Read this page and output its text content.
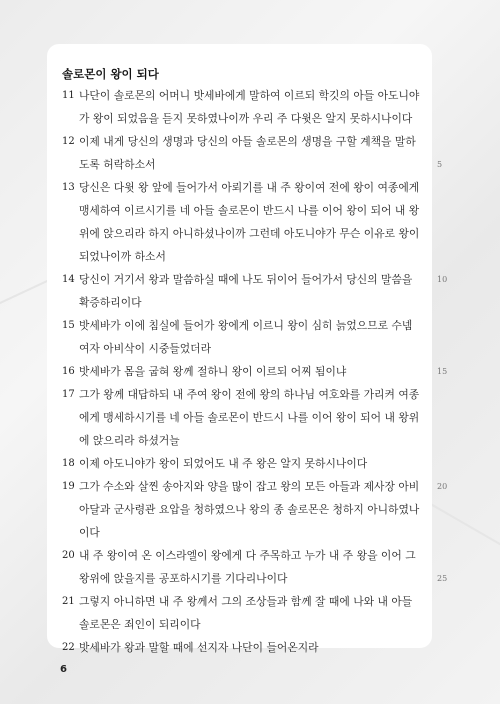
솔로몬이 왕이 되다
11 나단이 솔로몬의 어머니 밧세바에게 말하여 이르되 학깃의 아들 아도니야가 왕이 되었음을 듣지 못하였나이까 우리 주 다윗은 알지 못하시나이다
12 이제 내게 당신의 생명과 당신의 아들 솔로몬의 생명을 구할 계책을 말하도록 허락하소서
13 당신은 다윗 왕 앞에 들어가서 아뢰기를 내 주 왕이여 전에 왕이 여종에게 맹세하여 이르시기를 네 아들 솔로몬이 반드시 나를 이어 왕이 되어 내 왕위에 앉으리라 하지 아니하셨나이까 그런데 아도니야가 무슨 이유로 왕이 되었나이까 하소서
14 당신이 거기서 왕과 말씀하실 때에 나도 뒤이어 들어가서 당신의 말씀을 확증하리이다
15 밧세바가 이에 침실에 들어가 왕에게 이르니 왕이 심히 늙었으므로 수넴 여자 아비삭이 시중들었더라
16 밧세바가 몸을 굽혀 왕께 절하니 왕이 이르되 어찌 됨이냐
17 그가 왕께 대답하되 내 주여 왕이 전에 왕의 하나님 여호와를 가리켜 여종에게 맹세하시기를 네 아들 솔로몬이 반드시 나를 이어 왕이 되어 내 왕위에 앉으리라 하셨거늘
18 이제 아도니야가 왕이 되었어도 내 주 왕은 알지 못하시나이다
19 그가 수소와 살찐 송아지와 양을 많이 잡고 왕의 모든 아들과 제사장 아비아달과 군사령관 요압을 청하였으나 왕의 종 솔로몬은 청하지 아니하였나이다
20 내 주 왕이여 온 이스라엘이 왕에게 다 주목하고 누가 내 주 왕을 이어 그 왕위에 앉을지를 공포하시기를 기다리나이다
21 그렇지 아니하면 내 주 왕께서 그의 조상들과 함께 잘 때에 나와 내 아들 솔로몬은 죄인이 되리이다
22 밧세바가 왕과 말할 때에 선지자 나단이 들어온지라
5
10
15
20
25
6
